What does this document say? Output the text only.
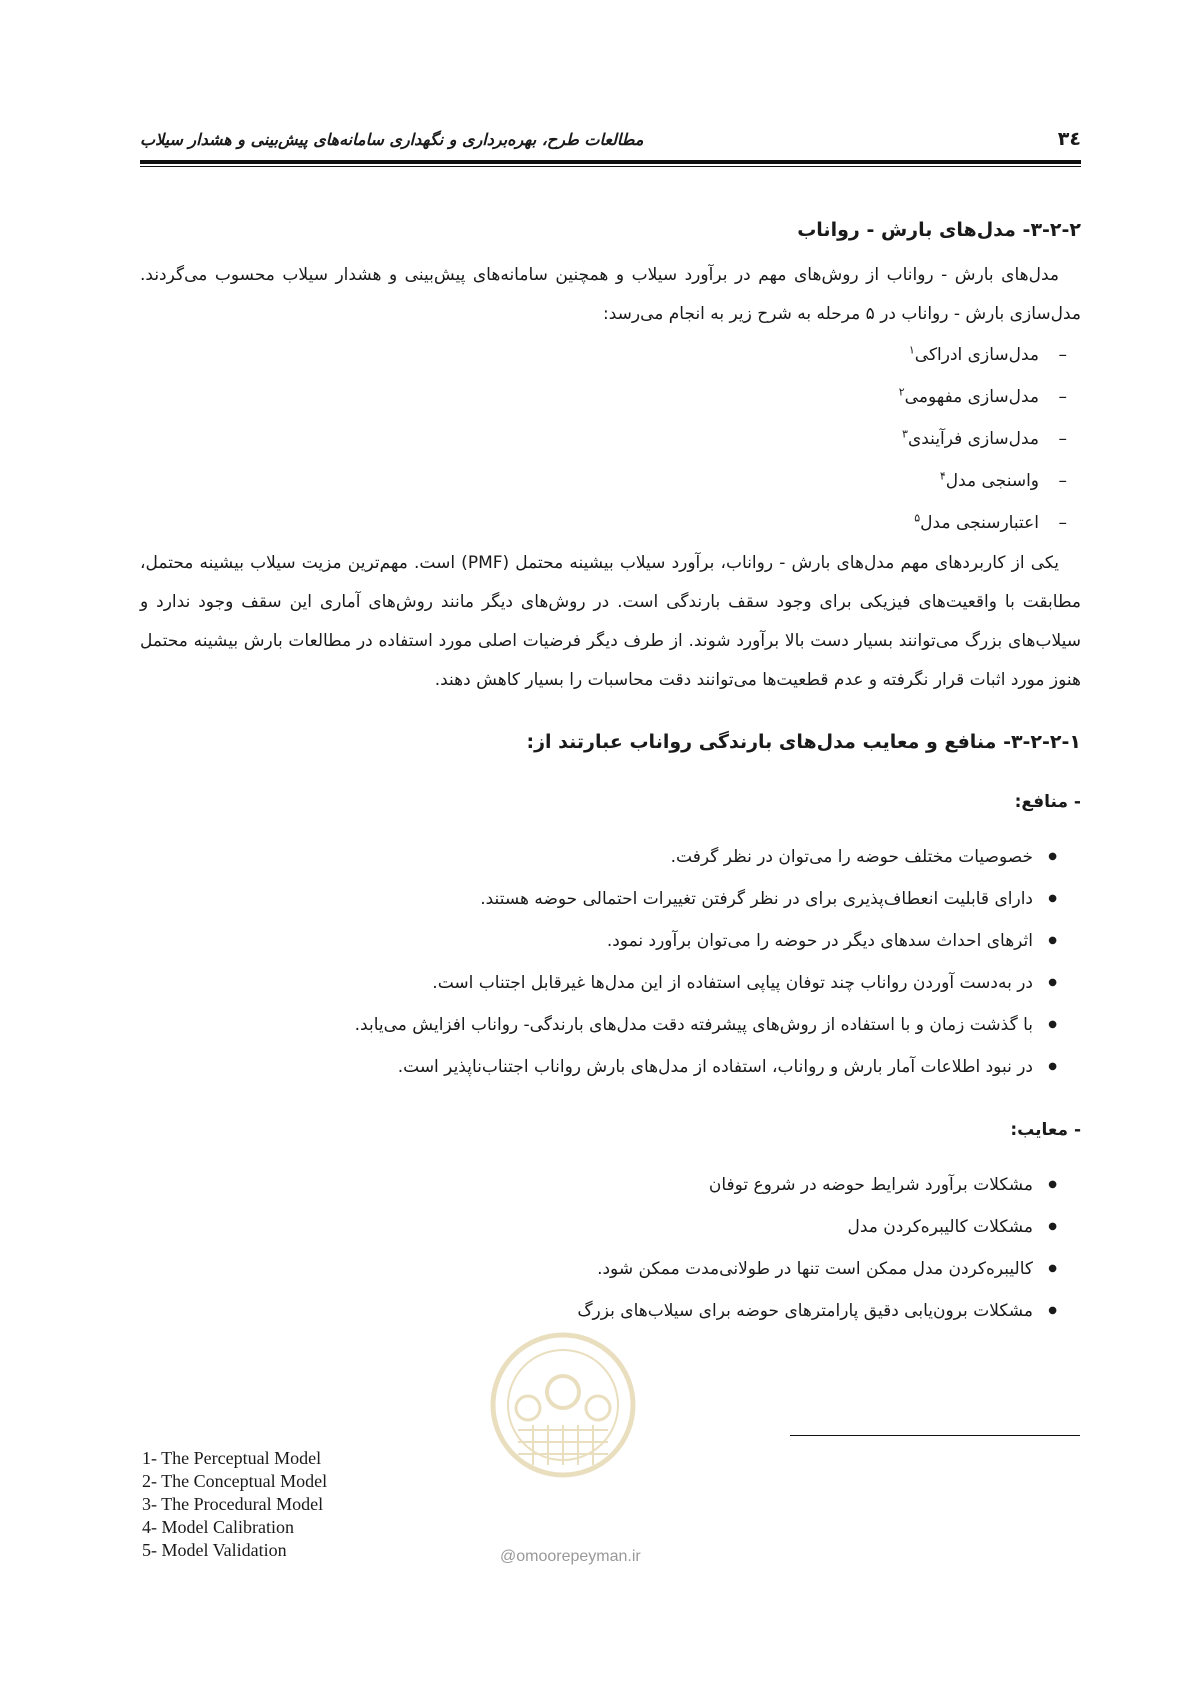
۳٤
مطالعات طرح، بهره‌برداری و نگهداری سامانه‌های پیش‌بینی و هشدار سیلاب
۳-۲-۲- مدل‌های بارش - رواناب

مدل‌های بارش - رواناب از روش‌های مهم در برآورد سیلاب و همچنین سامانه‌های پیش‌بینی و هشدار سیلاب محسوب می‌گردند. مدل‌سازی بارش - رواناب در ۵ مرحله به شرح زیر به انجام می‌رسد:

–مدل‌سازی ادراکی$^۱$
–مدل‌سازی مفهومی$^۲$
–مدل‌سازی فرآیندی$^۳$
–واسنجی مدل$^۴$
–اعتبارسنجی مدل$^۵$

یکی از کاربردهای مهم مدل‌های بارش - رواناب، برآورد سیلاب بیشینه محتمل (PMF) است. مهم‌ترین مزیت سیلاب بیشینه محتمل، مطابقت با واقعیت‌های فیزیکی برای وجود سقف بارندگی است. در روش‌های دیگر مانند روش‌های آماری این سقف وجود ندارد و سیلاب‌های بزرگ می‌توانند بسیار دست بالا برآورد شوند. از طرف دیگر فرضیات اصلی مورد استفاده در مطالعات بارش بیشینه محتمل هنوز مورد اثبات قرار نگرفته و عدم قطعیت‌ها می‌توانند دقت محاسبات را بسیار کاهش دهند.

۳-۲-۲-۱- منافع و معایب مدل‌های بارندگی رواناب عبارتند از:
- منافع:
● خصوصیات مختلف حوضه را می‌توان در نظر گرفت.
● دارای قابلیت انعطاف‌پذیری برای در نظر گرفتن تغییرات احتمالی حوضه هستند.
● اثرهای احداث سدهای دیگر در حوضه را می‌توان برآورد نمود.
● در به‌دست آوردن رواناب چند توفان پیاپی استفاده از این مدل‌ها غیرقابل اجتناب است.
● با گذشت زمان و با استفاده از روش‌های پیشرفته دقت مدل‌های بارندگی- رواناب افزایش می‌یابد.
● در نبود اطلاعات آمار بارش و رواناب، استفاده از مدل‌های بارش رواناب اجتناب‌ناپذیر است.
- معایب:
● مشکلات برآورد شرایط حوضه در شروع توفان
● مشکلات کالیبره‌کردن مدل
● کالیبره‌کردن مدل ممکن است تنها در طولانی‌مدت ممکن شود.
● مشکلات برون‌یابی دقیق پارامترهای حوضه برای سیلاب‌های بزرگ
1- The Perceptual Model
2- The Conceptual Model
3- The Procedural Model
4- Model Calibration
5- Model Validation	@omoorepeyman.ir
